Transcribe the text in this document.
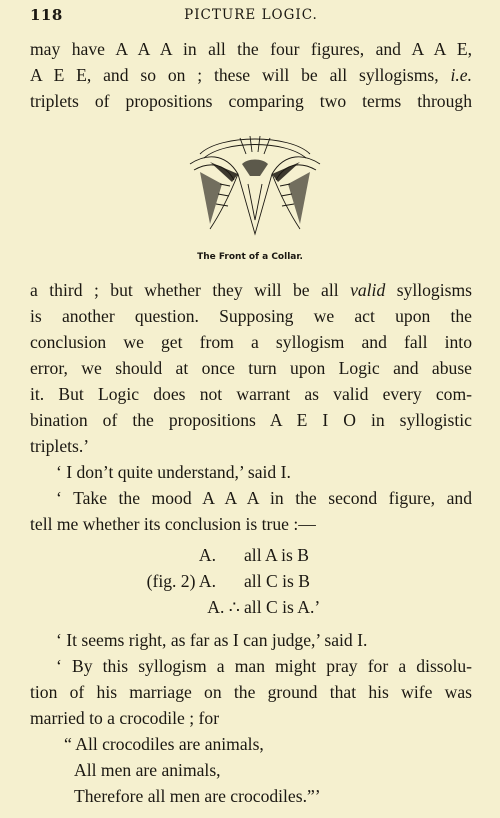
118	PICTURE LOGIC.
may have A A A in all the four figures, and A A E,
A E E, and so on ; these will be all syllogisms, i.e.
triplets of propositions comparing two terms through
The Front of a Collar.
a third ; but whether they will be all valid syllogisms
is another question. Supposing we act upon the
conclusion we get from a syllogism and fall into
error, we should at once turn upon Logic and abuse
it. But Logic does not warrant as valid every com-
bination of the propositions A E I O in syllogistic
triplets.’
‘ I don’t quite understand,’ said I.
‘ Take the mood A A A in the second figure, and
tell me whether its conclusion is true :—
A. all A is B
(fig. 2) A. all C is B
A. ∴ all C is A.’
‘ It seems right, as far as I can judge,’ said I.
‘ By this syllogism a man might pray for a dissolu-
tion of his marriage on the ground that his wife was
married to a crocodile ; for
“ All crocodiles are animals,
All men are animals,
Therefore all men are crocodiles.”’
